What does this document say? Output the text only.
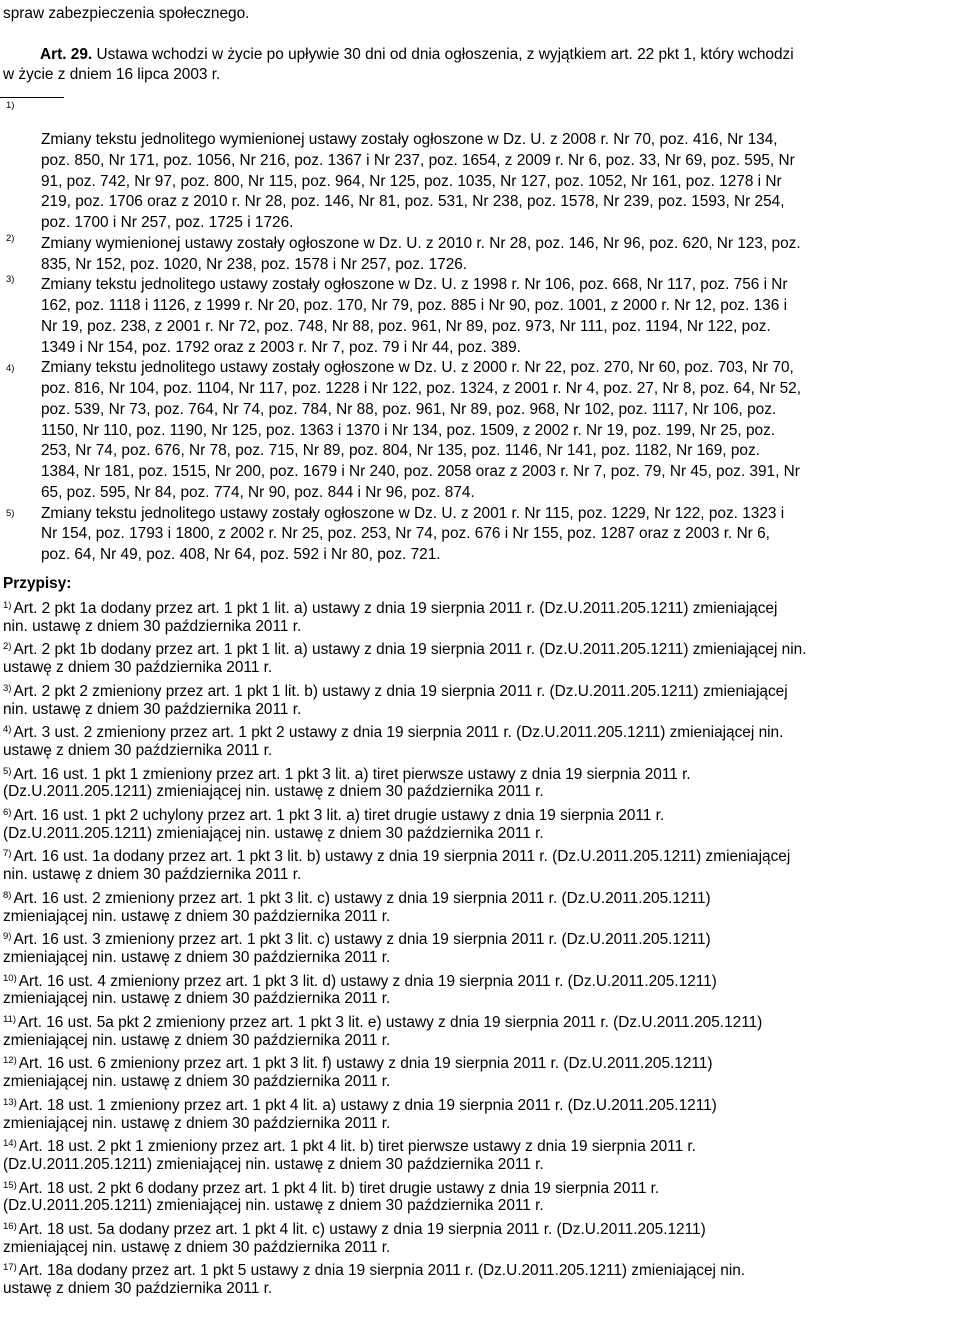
spraw zabezpieczenia społecznego.
Art. 29. Ustawa wchodzi w życie po upływie 30 dni od dnia ogłoszenia, z wyjątkiem art. 22 pkt 1, który wchodzi
w życie z dniem 16 lipca 2003 r.
1)
Zmiany tekstu jednolitego wymienionej ustawy zostały ogłoszone w Dz. U. z 2008 r. Nr 70, poz. 416, Nr 134,
poz. 850, Nr 171, poz. 1056, Nr 216, poz. 1367 i Nr 237, poz. 1654, z 2009 r. Nr 6, poz. 33, Nr 69, poz. 595, Nr
91, poz. 742, Nr 97, poz. 800, Nr 115, poz. 964, Nr 125, poz. 1035, Nr 127, poz. 1052, Nr 161, poz. 1278 i Nr
219, poz. 1706 oraz z 2010 r. Nr 28, poz. 146, Nr 81, poz. 531, Nr 238, poz. 1578, Nr 239, poz. 1593, Nr 254,
poz. 1700 i Nr 257, poz. 1725 i 1726.
2) Zmiany wymienionej ustawy zostały ogłoszone w Dz. U. z 2010 r. Nr 28, poz. 146, Nr 96, poz. 620, Nr 123, poz.
835, Nr 152, poz. 1020, Nr 238, poz. 1578 i Nr 257, poz. 1726.
3) Zmiany tekstu jednolitego ustawy zostały ogłoszone w Dz. U. z 1998 r. Nr 106, poz. 668, Nr 117, poz. 756 i Nr
162, poz. 1118 i 1126, z 1999 r. Nr 20, poz. 170, Nr 79, poz. 885 i Nr 90, poz. 1001, z 2000 r. Nr 12, poz. 136 i
Nr 19, poz. 238, z 2001 r. Nr 72, poz. 748, Nr 88, poz. 961, Nr 89, poz. 973, Nr 111, poz. 1194, Nr 122, poz.
1349 i Nr 154, poz. 1792 oraz z 2003 r. Nr 7, poz. 79 i Nr 44, poz. 389.
4) Zmiany tekstu jednolitego ustawy zostały ogłoszone w Dz. U. z 2000 r. Nr 22, poz. 270, Nr 60, poz. 703, Nr 70,
poz. 816, Nr 104, poz. 1104, Nr 117, poz. 1228 i Nr 122, poz. 1324, z 2001 r. Nr 4, poz. 27, Nr 8, poz. 64, Nr 52,
poz. 539, Nr 73, poz. 764, Nr 74, poz. 784, Nr 88, poz. 961, Nr 89, poz. 968, Nr 102, poz. 1117, Nr 106, poz.
1150, Nr 110, poz. 1190, Nr 125, poz. 1363 i 1370 i Nr 134, poz. 1509, z 2002 r. Nr 19, poz. 199, Nr 25, poz.
253, Nr 74, poz. 676, Nr 78, poz. 715, Nr 89, poz. 804, Nr 135, poz. 1146, Nr 141, poz. 1182, Nr 169, poz.
1384, Nr 181, poz. 1515, Nr 200, poz. 1679 i Nr 240, poz. 2058 oraz z 2003 r. Nr 7, poz. 79, Nr 45, poz. 391, Nr
65, poz. 595, Nr 84, poz. 774, Nr 90, poz. 844 i Nr 96, poz. 874.
5) Zmiany tekstu jednolitego ustawy zostały ogłoszone w Dz. U. z 2001 r. Nr 115, poz. 1229, Nr 122, poz. 1323 i
Nr 154, poz. 1793 i 1800, z 2002 r. Nr 25, poz. 253, Nr 74, poz. 676 i Nr 155, poz. 1287 oraz z 2003 r. Nr 6,
poz. 64, Nr 49, poz. 408, Nr 64, poz. 592 i Nr 80, poz. 721.
Przypisy:
$^{1)}$ Art. 2 pkt 1a dodany przez art. 1 pkt 1 lit. a) ustawy z dnia 19 sierpnia 2011 r. (Dz.U.2011.205.1211) zmieniającej
nin. ustawę z dniem 30 października 2011 r.
$^{2)}$ Art. 2 pkt 1b dodany przez art. 1 pkt 1 lit. a) ustawy z dnia 19 sierpnia 2011 r. (Dz.U.2011.205.1211) zmieniającej nin.
ustawę z dniem 30 października 2011 r.
$^{3)}$ Art. 2 pkt 2 zmieniony przez art. 1 pkt 1 lit. b) ustawy z dnia 19 sierpnia 2011 r. (Dz.U.2011.205.1211) zmieniającej
nin. ustawę z dniem 30 października 2011 r.
$^{4)}$ Art. 3 ust. 2 zmieniony przez art. 1 pkt 2 ustawy z dnia 19 sierpnia 2011 r. (Dz.U.2011.205.1211) zmieniającej nin.
ustawę z dniem 30 października 2011 r.
$^{5)}$ Art. 16 ust. 1 pkt 1 zmieniony przez art. 1 pkt 3 lit. a) tiret pierwsze ustawy z dnia 19 sierpnia 2011 r.
(Dz.U.2011.205.1211) zmieniającej nin. ustawę z dniem 30 października 2011 r.
$^{6)}$ Art. 16 ust. 1 pkt 2 uchylony przez art. 1 pkt 3 lit. a) tiret drugie ustawy z dnia 19 sierpnia 2011 r.
(Dz.U.2011.205.1211) zmieniającej nin. ustawę z dniem 30 października 2011 r.
$^{7)}$ Art. 16 ust. 1a dodany przez art. 1 pkt 3 lit. b) ustawy z dnia 19 sierpnia 2011 r. (Dz.U.2011.205.1211) zmieniającej
nin. ustawę z dniem 30 października 2011 r.
$^{8)}$ Art. 16 ust. 2 zmieniony przez art. 1 pkt 3 lit. c) ustawy z dnia 19 sierpnia 2011 r. (Dz.U.2011.205.1211)
zmieniającej nin. ustawę z dniem 30 października 2011 r.
$^{9)}$ Art. 16 ust. 3 zmieniony przez art. 1 pkt 3 lit. c) ustawy z dnia 19 sierpnia 2011 r. (Dz.U.2011.205.1211)
zmieniającej nin. ustawę z dniem 30 października 2011 r.
$^{10)}$ Art. 16 ust. 4 zmieniony przez art. 1 pkt 3 lit. d) ustawy z dnia 19 sierpnia 2011 r. (Dz.U.2011.205.1211)
zmieniającej nin. ustawę z dniem 30 października 2011 r.
$^{11)}$ Art. 16 ust. 5a pkt 2 zmieniony przez art. 1 pkt 3 lit. e) ustawy z dnia 19 sierpnia 2011 r. (Dz.U.2011.205.1211)
zmieniającej nin. ustawę z dniem 30 października 2011 r.
$^{12)}$ Art. 16 ust. 6 zmieniony przez art. 1 pkt 3 lit. f) ustawy z dnia 19 sierpnia 2011 r. (Dz.U.2011.205.1211)
zmieniającej nin. ustawę z dniem 30 października 2011 r.
$^{13)}$ Art. 18 ust. 1 zmieniony przez art. 1 pkt 4 lit. a) ustawy z dnia 19 sierpnia 2011 r. (Dz.U.2011.205.1211)
zmieniającej nin. ustawę z dniem 30 października 2011 r.
$^{14)}$ Art. 18 ust. 2 pkt 1 zmieniony przez art. 1 pkt 4 lit. b) tiret pierwsze ustawy z dnia 19 sierpnia 2011 r.
(Dz.U.2011.205.1211) zmieniającej nin. ustawę z dniem 30 października 2011 r.
$^{15)}$ Art. 18 ust. 2 pkt 6 dodany przez art. 1 pkt 4 lit. b) tiret drugie ustawy z dnia 19 sierpnia 2011 r.
(Dz.U.2011.205.1211) zmieniającej nin. ustawę z dniem 30 października 2011 r.
$^{16)}$ Art. 18 ust. 5a dodany przez art. 1 pkt 4 lit. c) ustawy z dnia 19 sierpnia 2011 r. (Dz.U.2011.205.1211)
zmieniającej nin. ustawę z dniem 30 października 2011 r.
$^{17)}$ Art. 18a dodany przez art. 1 pkt 5 ustawy z dnia 19 sierpnia 2011 r. (Dz.U.2011.205.1211) zmieniającej nin.
ustawę z dniem 30 października 2011 r.
